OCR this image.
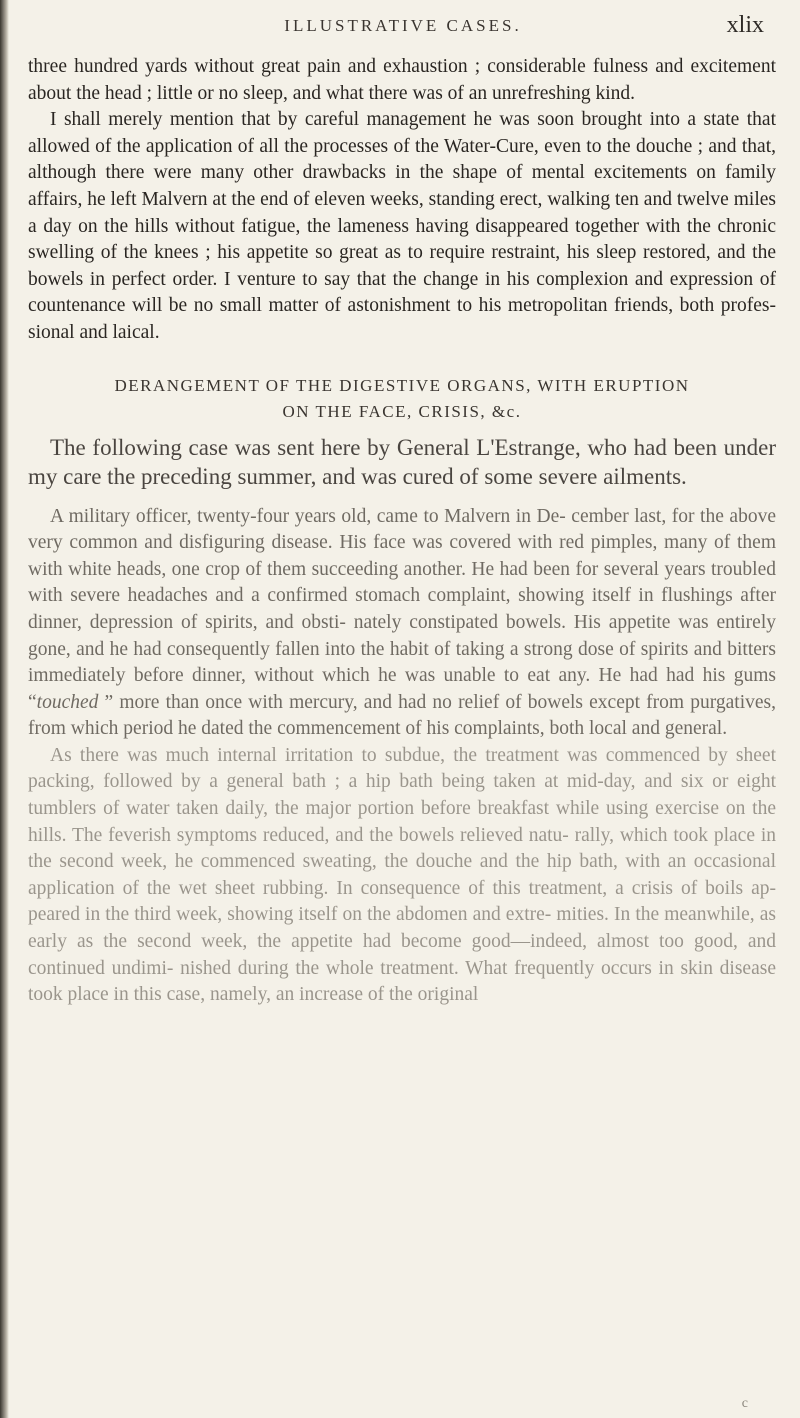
ILLUSTRATIVE CASES.	xlix

three hundred yards without great pain and exhaustion ; considerable fulness and excitement about the head ; little or no sleep, and what there was of an unrefreshing kind.

I shall merely mention that by careful management he was soon brought into a state that allowed of the application of all the processes of the Water-Cure, even to the douche ; and that, although there were many other drawbacks in the shape of mental excitements on family affairs, he left Malvern at the end of eleven weeks, standing erect, walking ten and twelve miles a day on the hills without fatigue, the lameness having disappeared together with the chronic swelling of the knees ; his appetite so great as to require restraint, his sleep restored, and the bowels in perfect order. I venture to say that the change in his complexion and expression of countenance will be no small matter of astonishment to his metropolitan friends, both profes- sional and laical.

DERANGEMENT OF THE DIGESTIVE ORGANS, WITH ERUPTION
ON THE FACE, CRISIS, &c.

The following case was sent here by General L'Estrange, who had been under my care the preceding summer, and was cured of some severe ailments.

A military officer, twenty-four years old, came to Malvern in De- cember last, for the above very common and disfiguring disease. His face was covered with red pimples, many of them with white heads, one crop of them succeeding another. He had been for several years troubled with severe headaches and a confirmed stomach complaint, showing itself in flushings after dinner, depression of spirits, and obsti- nately constipated bowels. His appetite was entirely gone, and he had consequently fallen into the habit of taking a strong dose of spirits and bitters immediately before dinner, without which he was unable to eat any. He had had his gums “touched ” more than once with mercury, and had no relief of bowels except from purgatives, from which period he dated the commencement of his complaints, both local and general.

As there was much internal irritation to subdue, the treatment was commenced by sheet packing, followed by a general bath ; a hip bath being taken at mid-day, and six or eight tumblers of water taken daily, the major portion before breakfast while using exercise on the hills. The feverish symptoms reduced, and the bowels relieved natu- rally, which took place in the second week, he commenced sweating, the douche and the hip bath, with an occasional application of the wet sheet rubbing. In consequence of this treatment, a crisis of boils ap- peared in the third week, showing itself on the abdomen and extre- mities. In the meanwhile, as early as the second week, the appetite had become good—indeed, almost too good, and continued undimi- nished during the whole treatment. What frequently occurs in skin disease took place in this case, namely, an increase of the original

c
